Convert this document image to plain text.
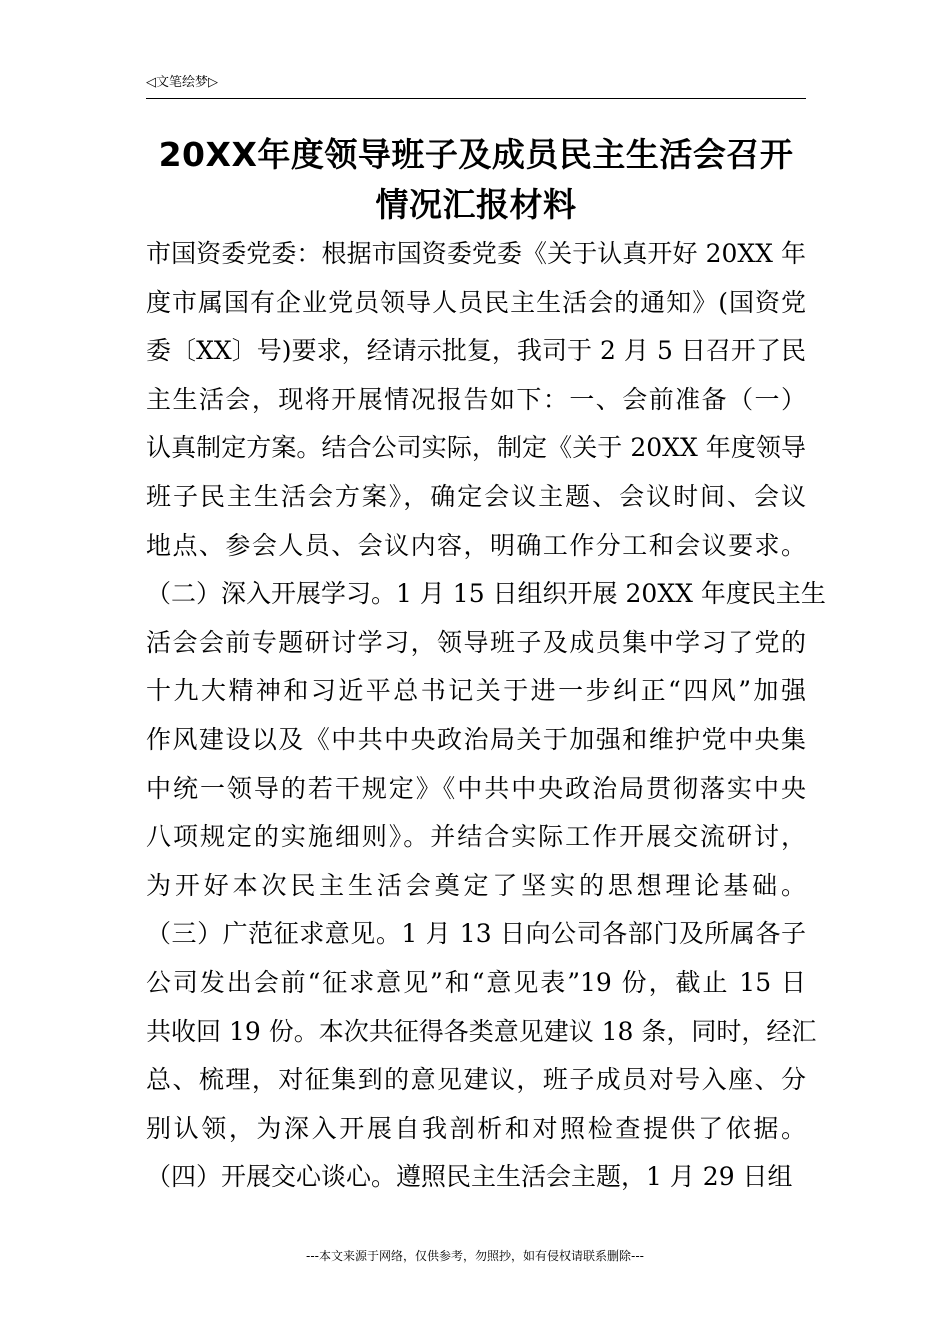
◁文笔绘梦▷
20XX年度领导班子及成员民主生活会召开
情况汇报材料
市国资委党委：根据市国资委党委《关于认真开好 20XX 年
度市属国有企业党员领导人员民主生活会的通知》(国资党
委〔XX〕号)要求，经请示批复，我司于 2 月 5 日召开了民
主生活会，现将开展情况报告如下：一、会前准备（一）
认真制定方案。结合公司实际，制定《关于 20XX 年度领导
班子民主生活会方案》，确定会议主题、会议时间、会议
地点、参会人员、会议内容，明确工作分工和会议要求。
（二）深入开展学习。1 月 15 日组织开展 20XX 年度民主生
活会会前专题研讨学习，领导班子及成员集中学习了党的
十九大精神和习近平总书记关于进一步纠正“四风”加强
作风建设以及《中共中央政治局关于加强和维护党中央集
中统一领导的若干规定》《中共中央政治局贯彻落实中央
八项规定的实施细则》。并结合实际工作开展交流研讨，
为开好本次民主生活会奠定了坚实的思想理论基础。
（三）广范征求意见。1 月 13 日向公司各部门及所属各子
公司发出会前“征求意见”和“意见表”19 份，截止 15 日
共收回 19 份。本次共征得各类意见建议 18 条，同时，经汇
总、梳理，对征集到的意见建议，班子成员对号入座、分
别认领，为深入开展自我剖析和对照检查提供了依据。
（四）开展交心谈心。遵照民主生活会主题，1 月 29 日组
---本文来源于网络，仅供参考，勿照抄，如有侵权请联系删除---
